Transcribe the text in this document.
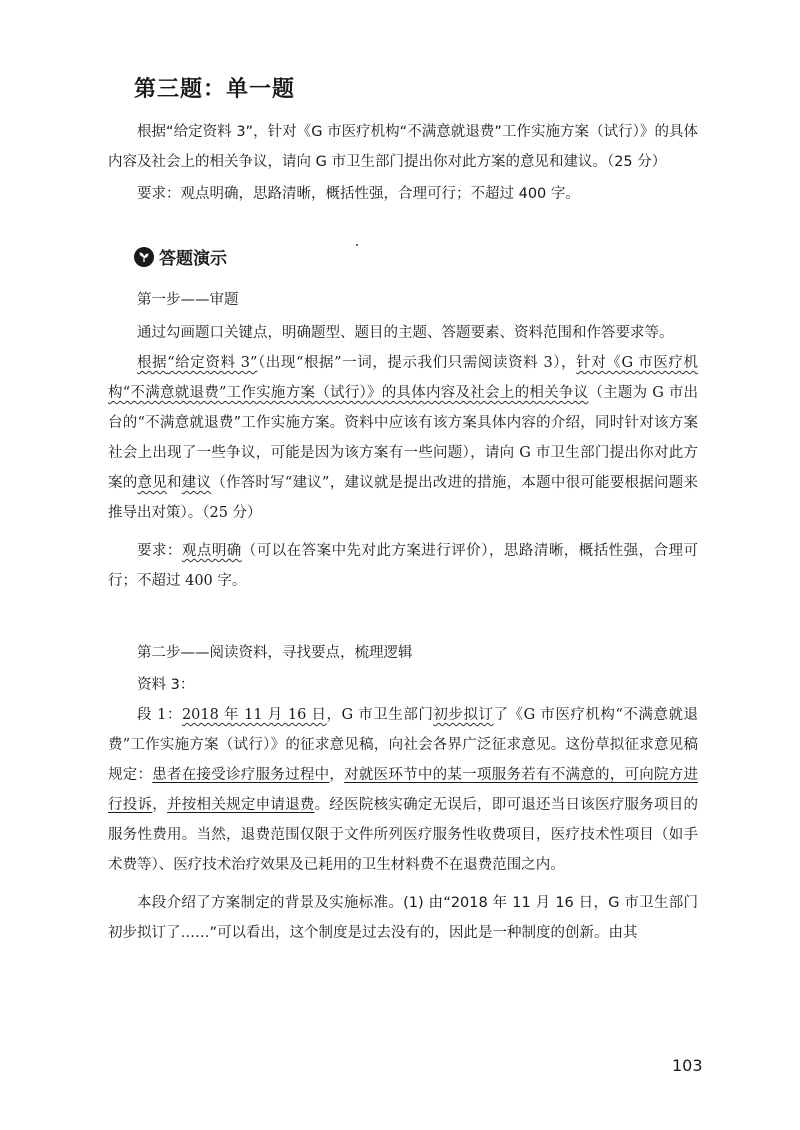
第三题：单一题

根据“给定资料 3”，针对《G 市医疗机构“不满意就退费”工作实施方案（试行）》的具体内容及社会上的相关争议，请向 G 市卫生部门提出你对此方案的意见和建议。（25 分）

要求：观点明确，思路清晰，概括性强，合理可行；不超过 400 字。

答题演示

第一步——审题

通过勾画题口关键点，明确题型、题目的主题、答题要素、资料范围和作答要求等。

根据“给定资料 3”（出现“根据”一词，提示我们只需阅读资料 3），针对《G 市医疗机构“不满意就退费”工作实施方案（试行）》的具体内容及社会上的相关争议（主题为 G 市出台的“不满意就退费”工作实施方案。资料中应该有该方案具体内容的介绍，同时针对该方案社会上出现了一些争议，可能是因为该方案有一些问题），请向 G 市卫生部门提出你对此方案的意见和建议（作答时写“建议”，建议就是提出改进的措施，本题中很可能要根据问题来推导出对策）。（25 分）

要求：观点明确（可以在答案中先对此方案进行评价），思路清晰，概括性强，合理可行；不超过 400 字。

第二步——阅读资料，寻找要点，梳理逻辑

资料 3：

段 1：2018 年 11 月 16 日，G 市卫生部门初步拟订了《G 市医疗机构“不满意就退费”工作实施方案（试行）》的征求意见稿，向社会各界广泛征求意见。这份草拟征求意见稿规定：患者在接受诊疗服务过程中，对就医环节中的某一项服务若有不满意的，可向院方进行投诉，并按相关规定申请退费。经医院核实确定无误后，即可退还当日该医疗服务项目的服务性费用。当然，退费范围仅限于文件所列医疗服务性收费项目，医疗技术性项目（如手术费等）、医疗技术治疗效果及已耗用的卫生材料费不在退费范围之内。

本段介绍了方案制定的背景及实施标准。(1) 由“2018 年 11 月 16 日，G 市卫生部门初步拟订了……”可以看出，这个制度是过去没有的，因此是一种制度的创新。由其

103
